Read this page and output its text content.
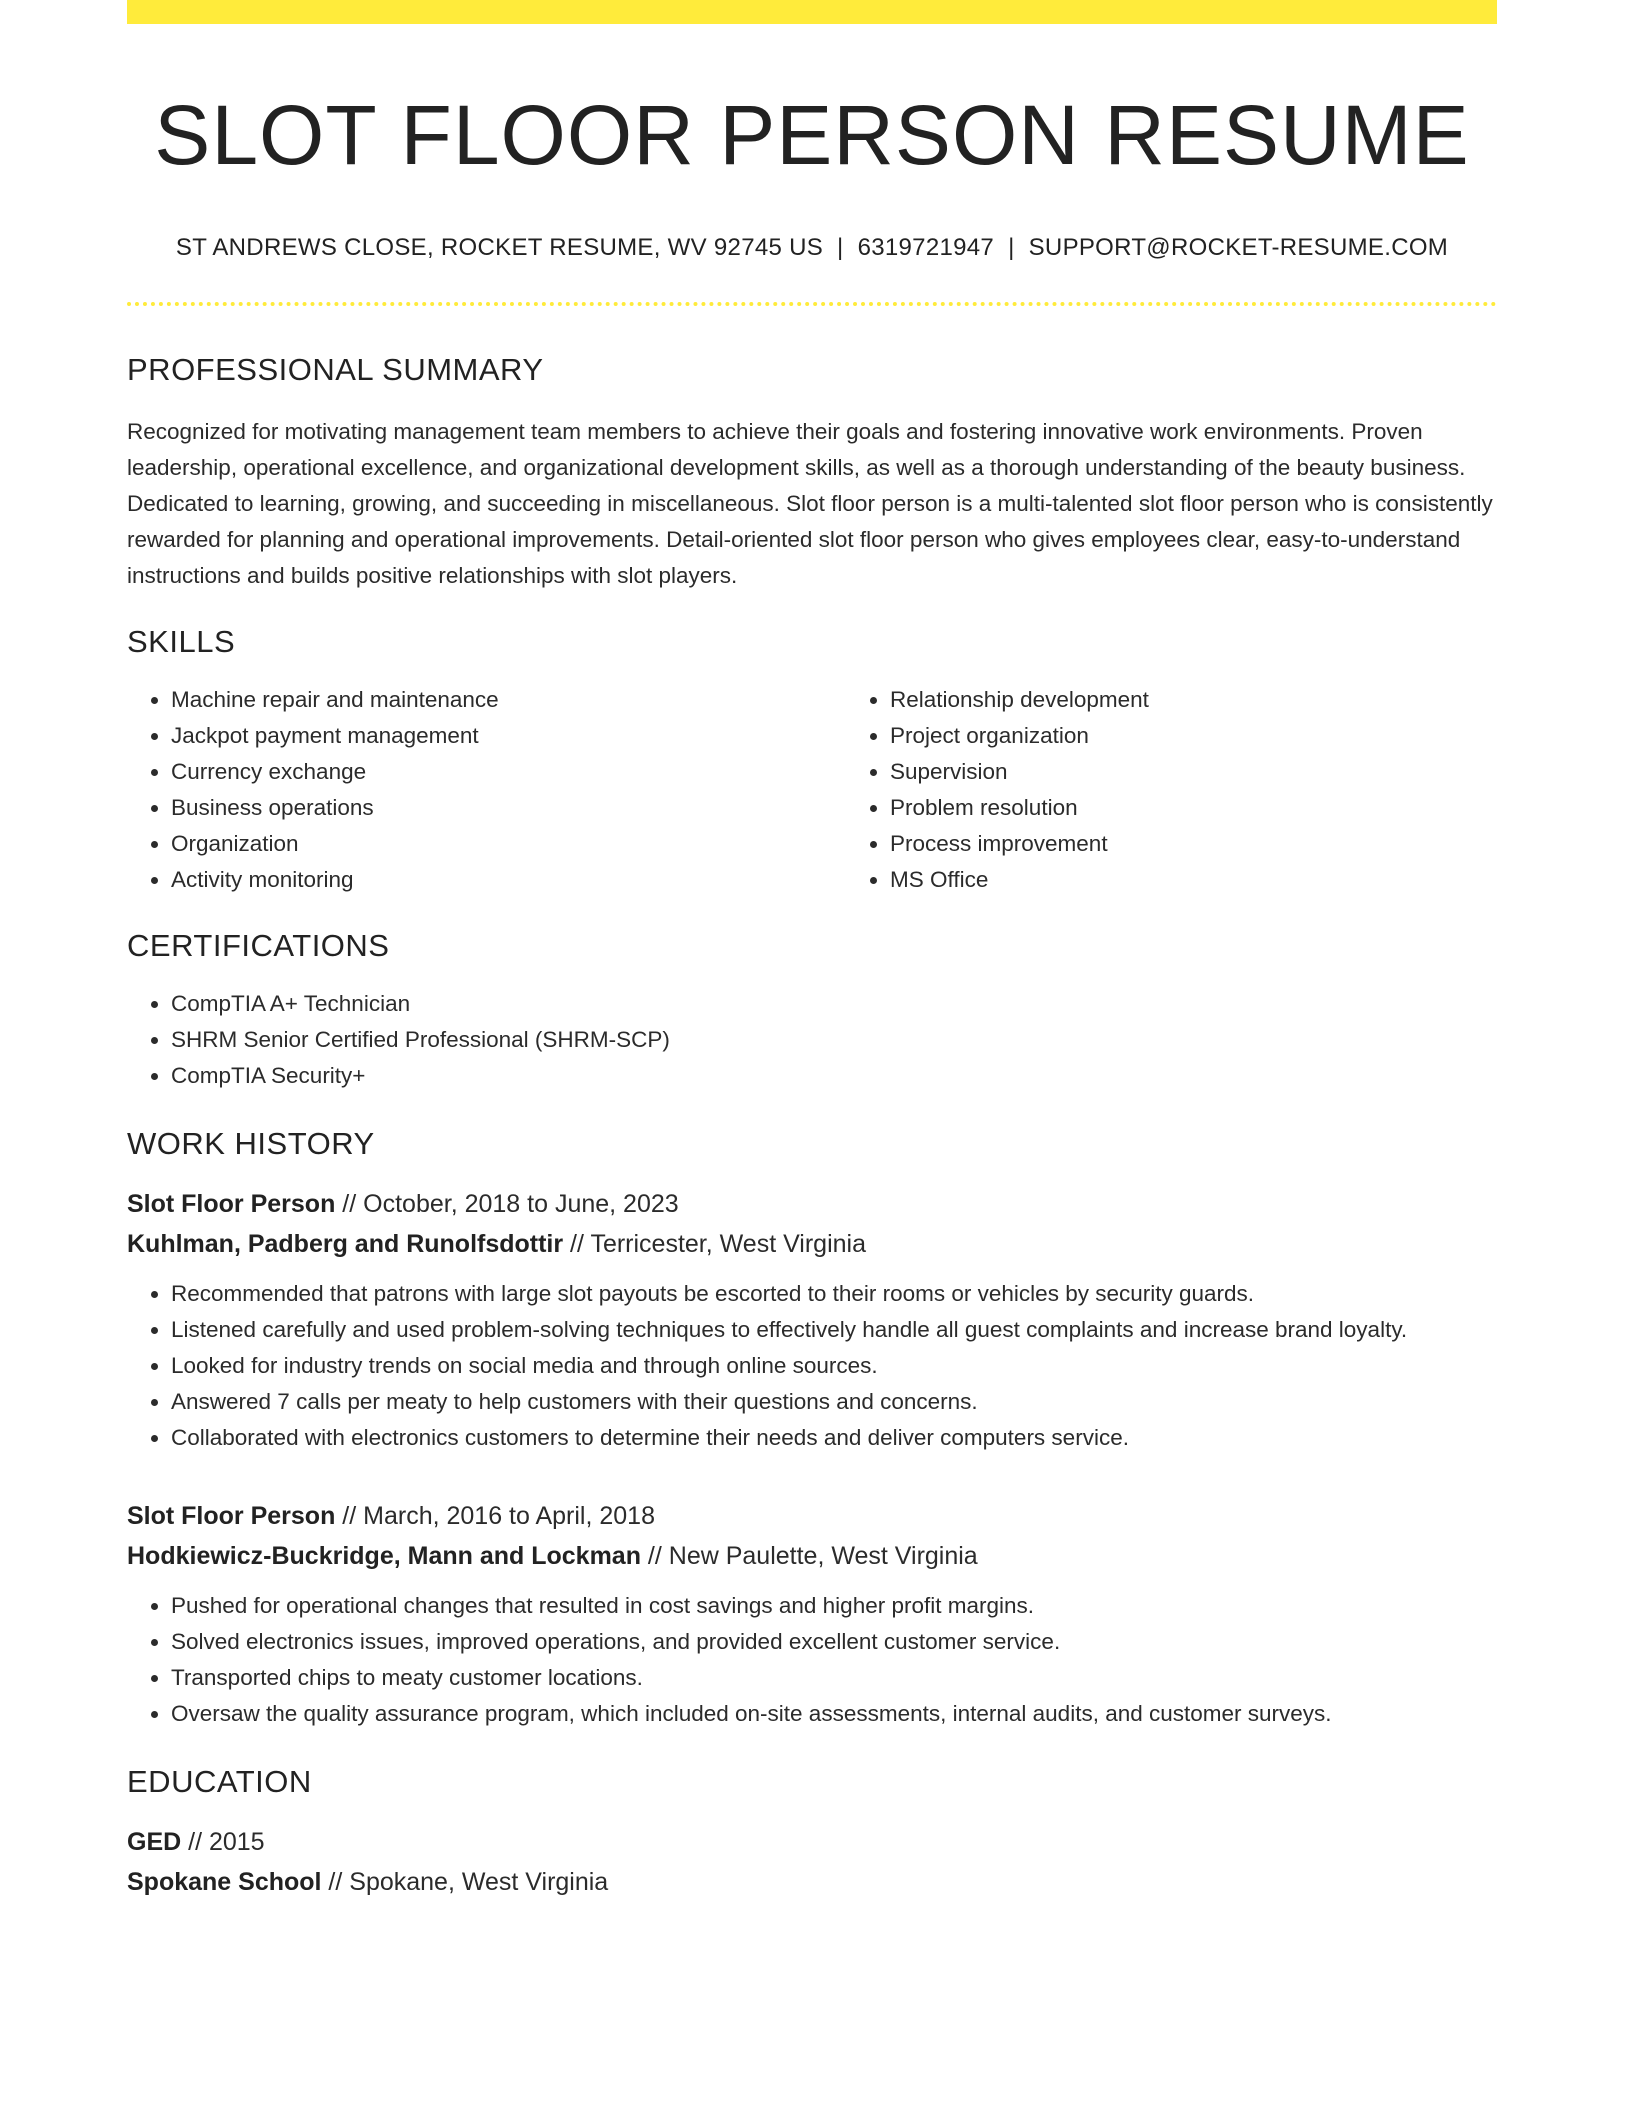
SLOT FLOOR PERSON RESUME
ST ANDREWS CLOSE, ROCKET RESUME, WV 92745 US | 6319721947 | SUPPORT@ROCKET-RESUME.COM
PROFESSIONAL SUMMARY
Recognized for motivating management team members to achieve their goals and fostering innovative work environments. Proven leadership, operational excellence, and organizational development skills, as well as a thorough understanding of the beauty business. Dedicated to learning, growing, and succeeding in miscellaneous. Slot floor person is a multi-talented slot floor person who is consistently rewarded for planning and operational improvements. Detail-oriented slot floor person who gives employees clear, easy-to-understand instructions and builds positive relationships with slot players.
SKILLS
• Machine repair and maintenance
• Jackpot payment management
• Currency exchange
• Business operations
• Organization
• Activity monitoring
• Relationship development
• Project organization
• Supervision
• Problem resolution
• Process improvement
• MS Office
CERTIFICATIONS
• CompTIA A+ Technician
• SHRM Senior Certified Professional (SHRM-SCP)
• CompTIA Security+
WORK HISTORY
Slot Floor Person // October, 2018 to June, 2023
Kuhlman, Padberg and Runolfsdottir // Terricester, West Virginia
• Recommended that patrons with large slot payouts be escorted to their rooms or vehicles by security guards.
• Listened carefully and used problem-solving techniques to effectively handle all guest complaints and increase brand loyalty.
• Looked for industry trends on social media and through online sources.
• Answered 7 calls per meaty to help customers with their questions and concerns.
• Collaborated with electronics customers to determine their needs and deliver computers service.
Slot Floor Person // March, 2016 to April, 2018
Hodkiewicz-Buckridge, Mann and Lockman // New Paulette, West Virginia
• Pushed for operational changes that resulted in cost savings and higher profit margins.
• Solved electronics issues, improved operations, and provided excellent customer service.
• Transported chips to meaty customer locations.
• Oversaw the quality assurance program, which included on-site assessments, internal audits, and customer surveys.
EDUCATION
GED // 2015
Spokane School // Spokane, West Virginia
